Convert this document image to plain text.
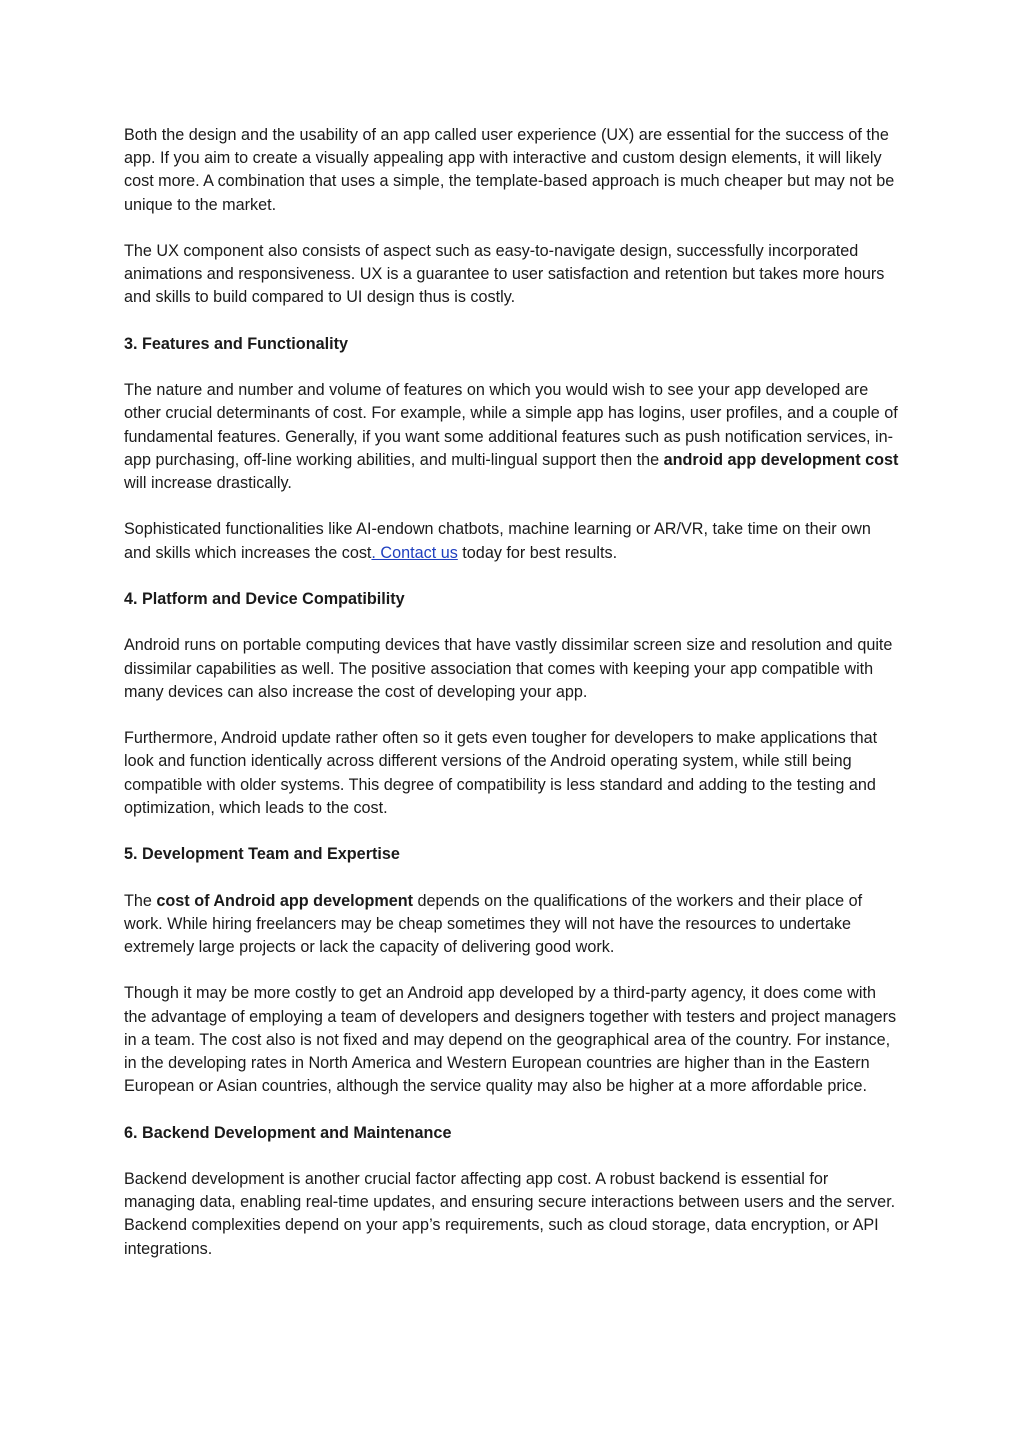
Both the design and the usability of an app called user experience (UX) are essential for the success of the app. If you aim to create a visually appealing app with interactive and custom design elements, it will likely cost more. A combination that uses a simple, the template-based approach is much cheaper but may not be unique to the market.

The UX component also consists of aspect such as easy-to-navigate design, successfully incorporated animations and responsiveness. UX is a guarantee to user satisfaction and retention but takes more hours and skills to build compared to UI design thus is costly.

3. Features and Functionality

The nature and number and volume of features on which you would wish to see your app developed are other crucial determinants of cost. For example, while a simple app has logins, user profiles, and a couple of fundamental features. Generally, if you want some additional features such as push notification services, in-app purchasing, off-line working abilities, and multi-lingual support then the android app development cost will increase drastically.

Sophisticated functionalities like AI-endown chatbots, machine learning or AR/VR, take time on their own and skills which increases the cost. Contact us today for best results.

4. Platform and Device Compatibility

Android runs on portable computing devices that have vastly dissimilar screen size and resolution and quite dissimilar capabilities as well. The positive association that comes with keeping your app compatible with many devices can also increase the cost of developing your app.

Furthermore, Android update rather often so it gets even tougher for developers to make applications that look and function identically across different versions of the Android operating system, while still being compatible with older systems. This degree of compatibility is less standard and adding to the testing and optimization, which leads to the cost.

5. Development Team and Expertise

The cost of Android app development depends on the qualifications of the workers and their place of work. While hiring freelancers may be cheap sometimes they will not have the resources to undertake extremely large projects or lack the capacity of delivering good work.

Though it may be more costly to get an Android app developed by a third-party agency, it does come with the advantage of employing a team of developers and designers together with testers and project managers in a team. The cost also is not fixed and may depend on the geographical area of the country. For instance, in the developing rates in North America and Western European countries are higher than in the Eastern European or Asian countries, although the service quality may also be higher at a more affordable price.

6. Backend Development and Maintenance

Backend development is another crucial factor affecting app cost. A robust backend is essential for managing data, enabling real-time updates, and ensuring secure interactions between users and the server. Backend complexities depend on your app’s requirements, such as cloud storage, data encryption, or API integrations.
